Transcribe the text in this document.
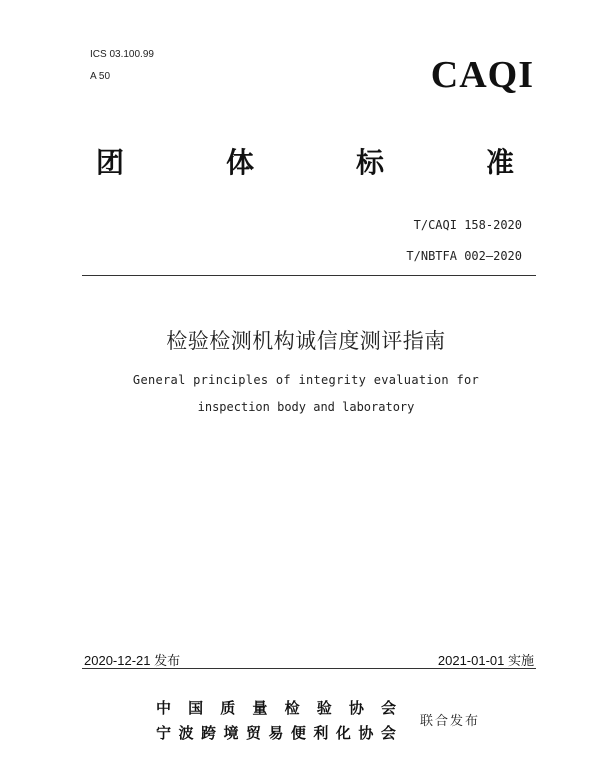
ICS 03.100.99
A 50	CAQI
团	体	标	准
T/CAQI 158-2020
T/NBTFA 002—2020
检验检测机构诚信度测评指南
General principles of integrity evaluation for
inspection body and laboratory
2020-12-21 发布	2021-01-01 实施
中 国 质 量 检 验 协 会
宁 波 跨 境 贸 易 便 利 化 协 会
联合发布
